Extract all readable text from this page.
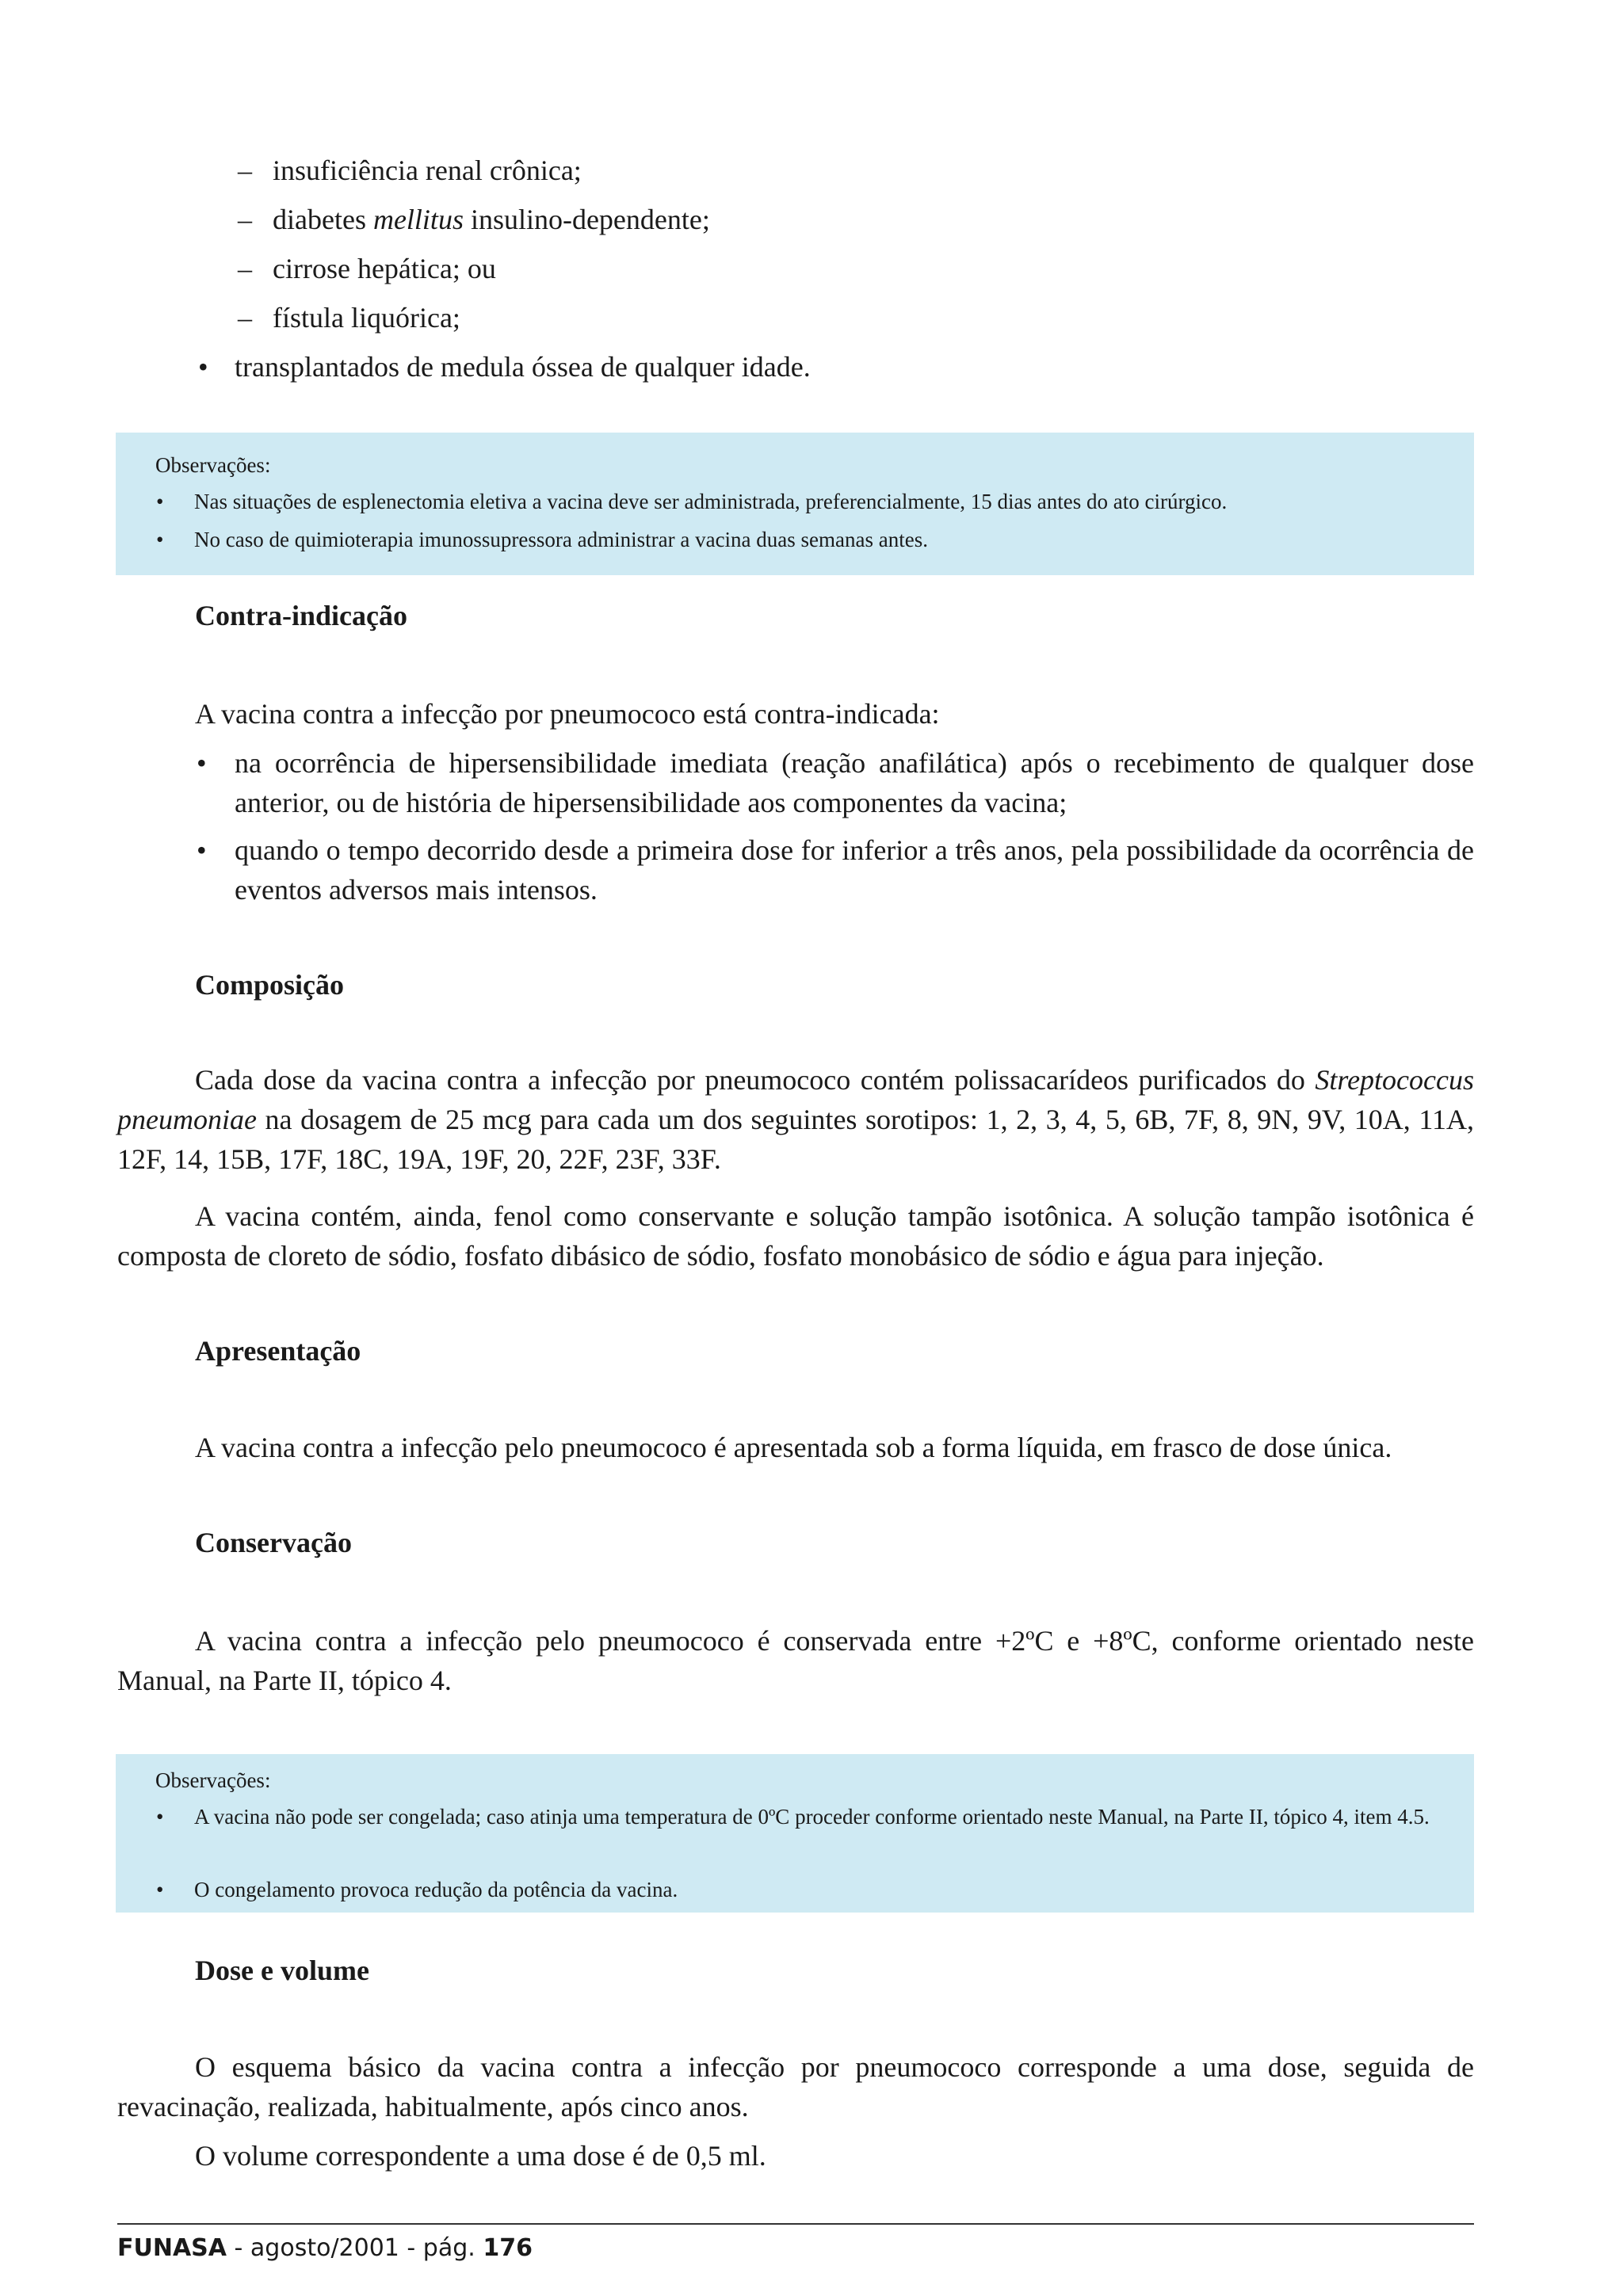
– insuficiência renal crônica;
– diabetes mellitus insulino-dependente;
– cirrose hepática; ou
– fístula liquórica;
• transplantados de medula óssea de qualquer idade.
Observações:
• Nas situações de esplenectomia eletiva a vacina deve ser administrada, preferencialmente, 15 dias antes do ato cirúrgico.
• No caso de quimioterapia imunossupressora administrar a vacina duas semanas antes.
Contra-indicação
A vacina contra a infecção por pneumococo está contra-indicada:
• na ocorrência de hipersensibilidade imediata (reação anafilática) após o recebimento de qualquer dose anterior, ou de história de hipersensibilidade aos componentes da vacina;
• quando o tempo decorrido desde a primeira dose for inferior a três anos, pela possibilidade da ocorrência de eventos adversos mais intensos.
Composição
Cada dose da vacina contra a infecção por pneumococo contém polissacarídeos purificados do Streptococcus pneumoniae na dosagem de 25 mcg para cada um dos seguintes sorotipos: 1, 2, 3, 4, 5, 6B, 7F, 8, 9N, 9V, 10A, 11A, 12F, 14, 15B, 17F, 18C, 19A, 19F, 20, 22F, 23F, 33F.
A vacina contém, ainda, fenol como conservante e solução tampão isotônica. A solução tampão isotônica é composta de cloreto de sódio, fosfato dibásico de sódio, fosfato monobásico de sódio e água para injeção.
Apresentação
A vacina contra a infecção pelo pneumococo é apresentada sob a forma líquida, em frasco de dose única.
Conservação
A vacina contra a infecção pelo pneumococo é conservada entre +2ºC e +8ºC, conforme orientado neste Manual, na Parte II, tópico 4.
Observações:
• A vacina não pode ser congelada; caso atinja uma temperatura de 0ºC proceder conforme orientado neste Manual, na Parte II, tópico 4, item 4.5.
• O congelamento provoca redução da potência da vacina.
Dose e volume
O esquema básico da vacina contra a infecção por pneumococo corresponde a uma dose, seguida de revacinação, realizada, habitualmente, após cinco anos.
O volume correspondente a uma dose é de 0,5 ml.
FUNASA - agosto/2001 - pág. 176
